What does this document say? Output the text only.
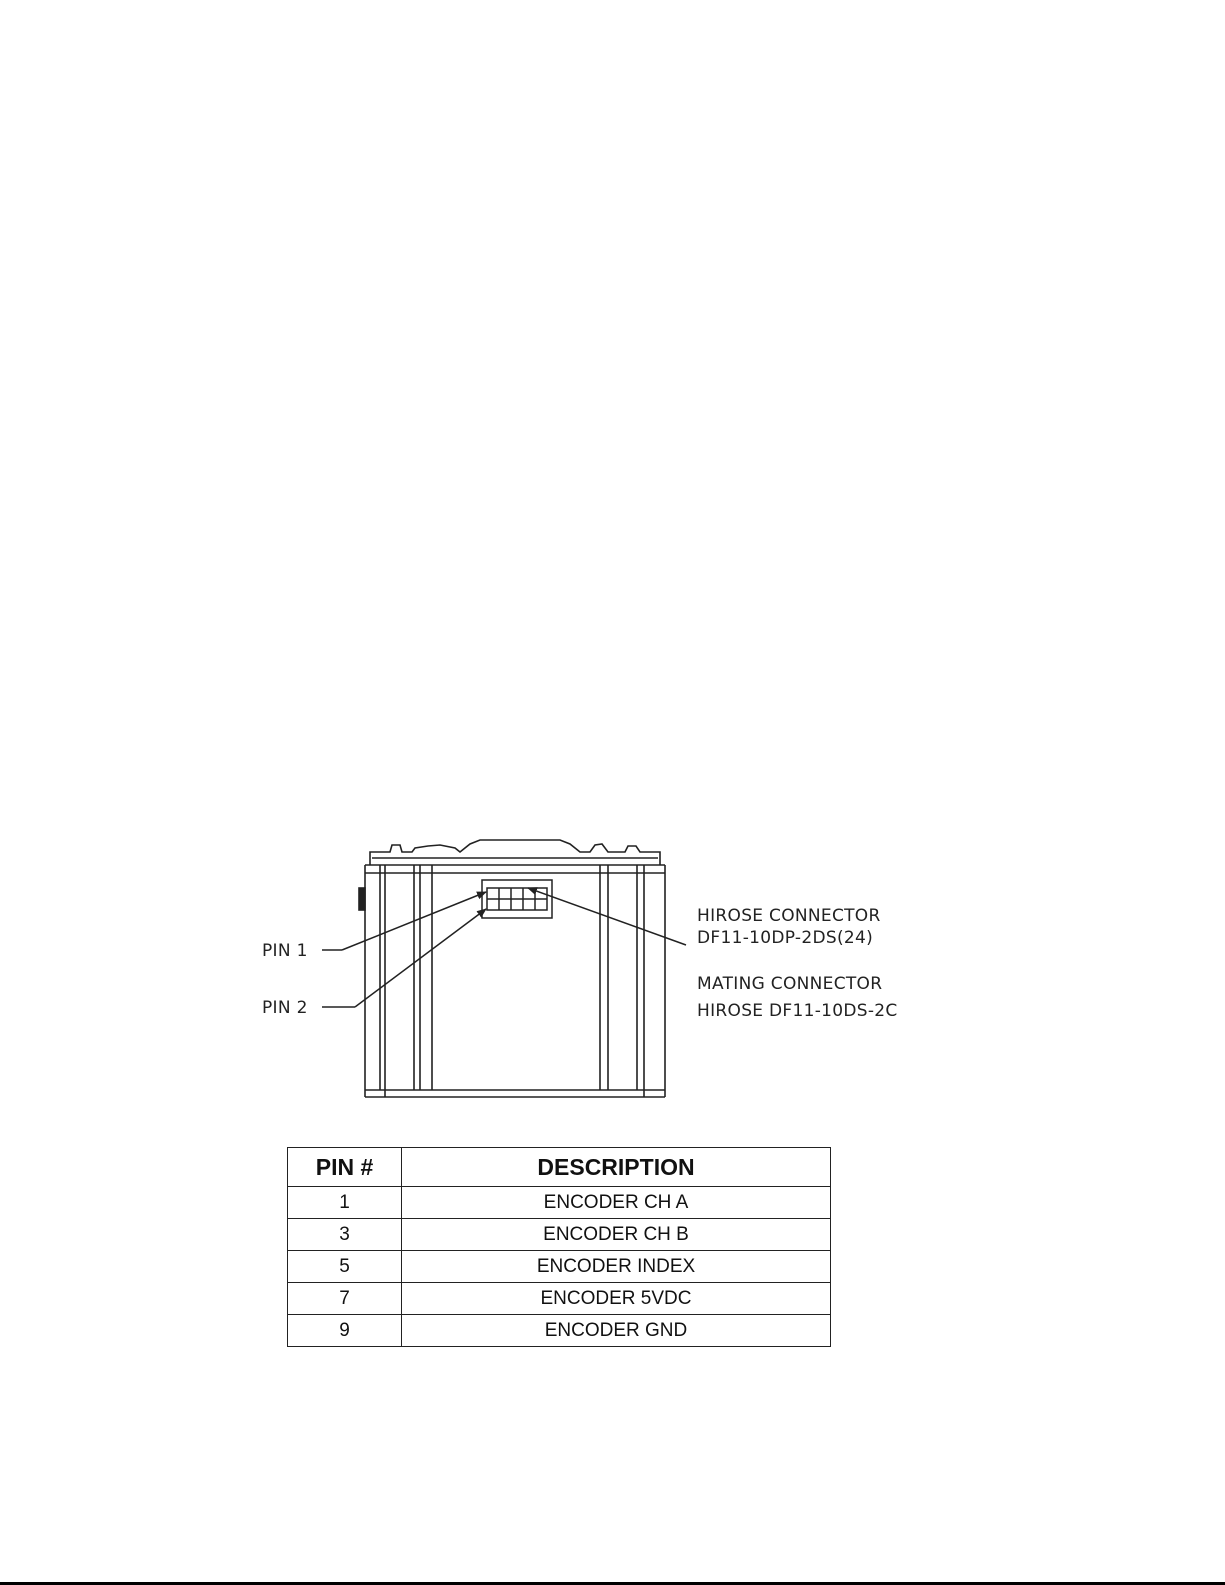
PIN 1
PIN 2
HIROSE CONNECTOR
DF11-10DP-2DS(24)
MATING CONNECTOR
HIROSE DF11-10DS-2C
PIN #	DESCRIPTION
1	ENCODER CH A
3	ENCODER CH B
5	ENCODER INDEX
7	ENCODER 5VDC
9	ENCODER GND
